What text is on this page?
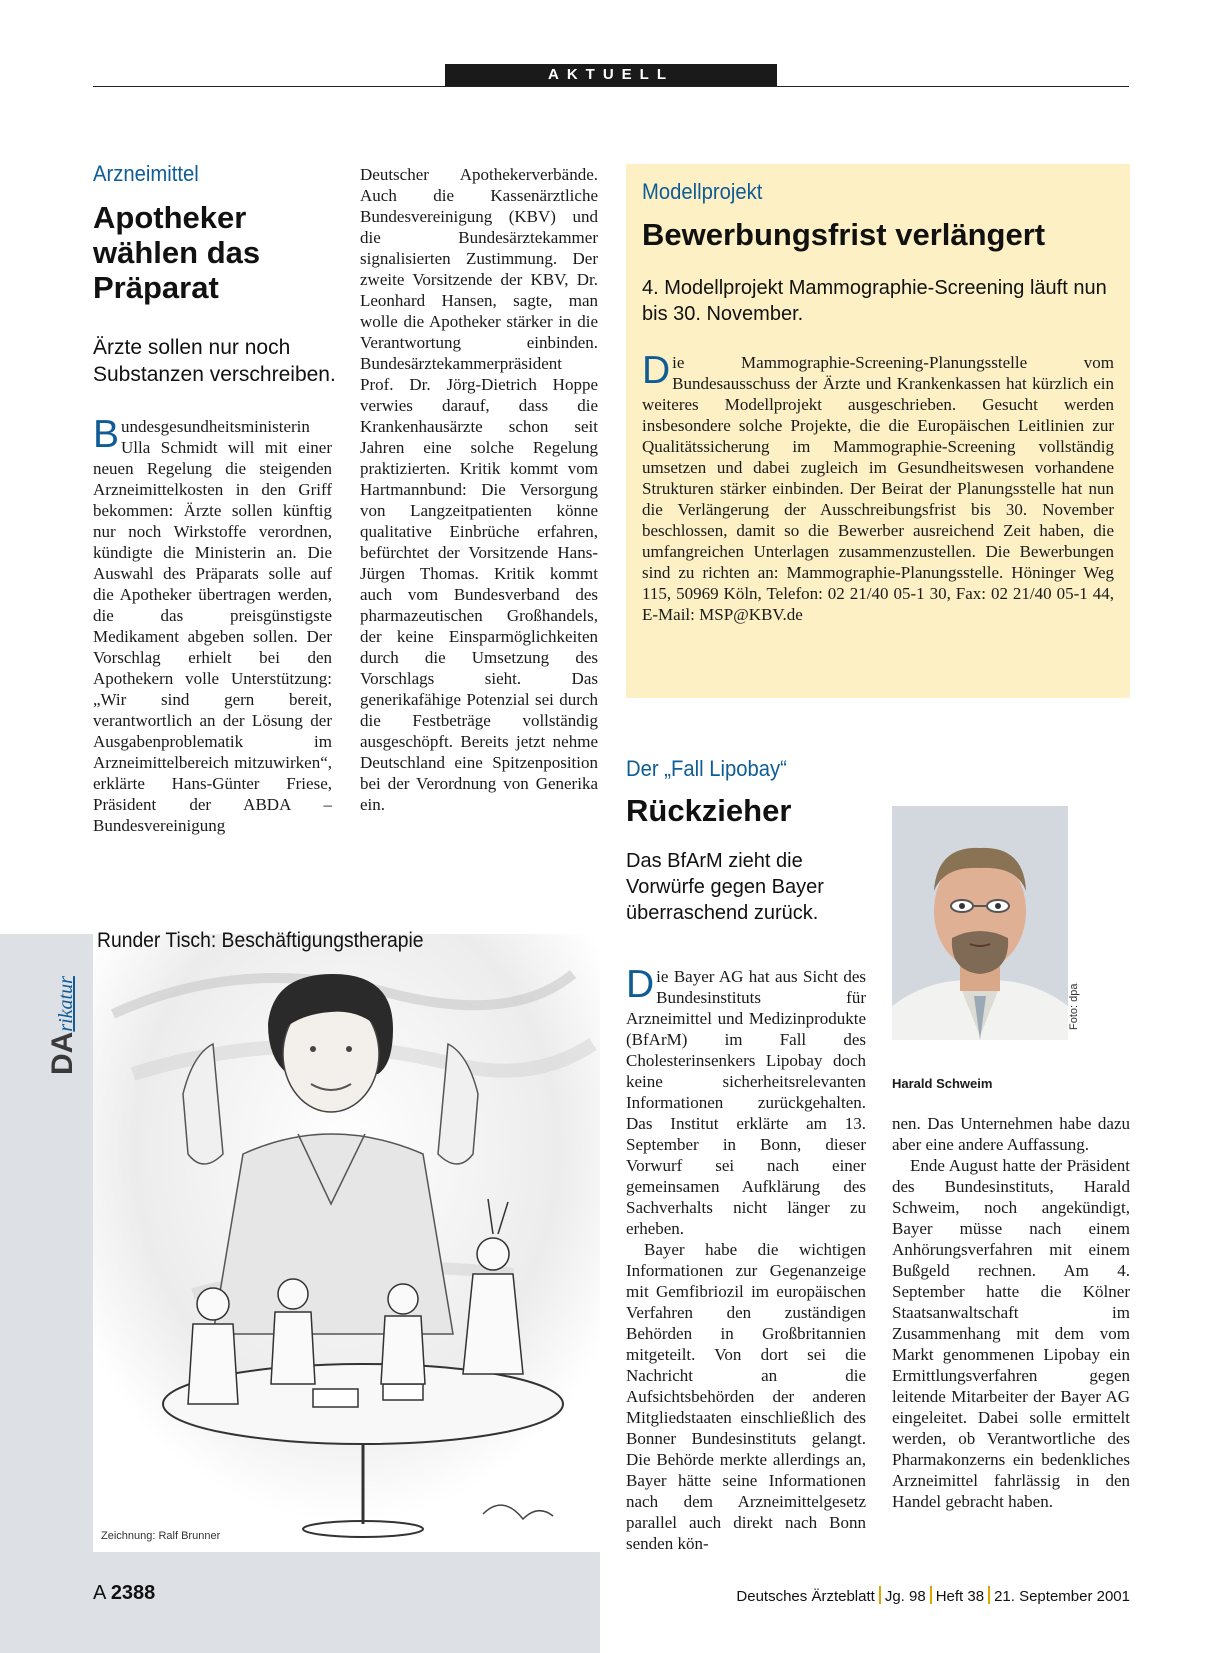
AKTUELL
Arzneimittel
Apotheker wählen das Präparat
Ärzte sollen nur noch Substanzen verschreiben.
Bundesgesundheitsministerin Ulla Schmidt will mit einer neuen Regelung die steigenden Arzneimittelkosten in den Griff bekommen: Ärzte sollen künftig nur noch Wirkstoffe verordnen, kündigte die Ministerin an. Die Auswahl des Präparats solle auf die Apotheker übertragen werden, die das preisgünstigste Medikament abgeben sollen. Der Vorschlag erhielt bei den Apothekern volle Unterstützung: „Wir sind gern bereit, verantwortlich an der Lösung der Ausgabenproblematik im Arzneimittelbereich mitzuwirken“, erklärte Hans-Günter Friese, Präsident der ABDA – Bundesvereinigung
Deutscher Apothekerverbände. Auch die Kassenärztliche Bundesvereinigung (KBV) und die Bundesärztekammer signalisierten Zustimmung. Der zweite Vorsitzende der KBV, Dr. Leonhard Hansen, sagte, man wolle die Apotheker stärker in die Verantwortung einbinden. Bundesärztekammerpräsident Prof. Dr. Jörg-Dietrich Hoppe verwies darauf, dass die Krankenhausärzte schon seit Jahren eine solche Regelung praktizierten. Kritik kommt vom Hartmannbund: Die Versorgung von Langzeitpatienten könne qualitative Einbrüche erfahren, befürchtet der Vorsitzende Hans-Jürgen Thomas. Kritik kommt auch vom Bundesverband des pharmazeutischen Großhandels, der keine Einsparmöglichkeiten durch die Umsetzung des Vorschlags sieht. Das generikafähige Potenzial sei durch die Festbeträge vollständig ausgeschöpft. Bereits jetzt nehme Deutschland eine Spitzenposition bei der Verordnung von Generika ein.
Modellprojekt
Bewerbungsfrist verlängert
4. Modellprojekt Mammographie-Screening läuft nun bis 30. November.
Die Mammographie-Screening-Planungsstelle vom Bundesausschuss der Ärzte und Krankenkassen hat kürzlich ein weiteres Modellprojekt ausgeschrieben. Gesucht werden insbesondere solche Projekte, die die Europäischen Leitlinien zur Qualitätssicherung im Mammographie-Screening vollständig umsetzen und dabei zugleich im Gesundheitswesen vorhandene Strukturen stärker einbinden. Der Beirat der Planungsstelle hat nun die Verlängerung der Ausschreibungsfrist bis 30. November beschlossen, damit so die Bewerber ausreichend Zeit haben, die umfangreichen Unterlagen zusammenzustellen. Die Bewerbungen sind zu richten an: Mammographie-Planungsstelle. Höninger Weg 115, 50969 Köln, Telefon: 02 21/40 05-1 30, Fax: 02 21/40 05-1 44, E-Mail: MSP@KBV.de
Der „Fall Lipobay“
Rückzieher
Das BfArM zieht die Vorwürfe gegen Bayer überraschend zurück.

Die Bayer AG hat aus Sicht des Bundesinstituts für Arzneimittel und Medizinprodukte (BfArM) im Fall des Cholesterinsenkers Lipobay doch keine sicherheitsrelevanten Informationen zurückgehalten. Das Institut erklärte am 13. September in Bonn, dieser Vorwurf sei nach einer gemeinsamen Aufklärung des Sachverhalts nicht länger zu erheben.

Bayer habe die wichtigen Informationen zur Gegenanzeige mit Gemfibriozil im europäischen Verfahren den zuständigen Behörden in Großbritannien mitgeteilt. Von dort sei die Nachricht an die Aufsichtsbehörden der anderen Mitgliedstaaten einschließlich des Bonner Bundesinstituts gelangt. Die Behörde merkte allerdings an, Bayer hätte seine Informationen nach dem Arzneimittelgesetz parallel auch direkt nach Bonn senden kön-

nen. Das Unternehmen habe dazu aber eine andere Auffassung.

Ende August hatte der Präsident des Bundesinstituts, Harald Schweim, noch angekündigt, Bayer müsse nach einem Anhörungsverfahren mit einem Bußgeld rechnen. Am 4. September hatte die Kölner Staatsanwaltschaft im Zusammenhang mit dem vom Markt genommenen Lipobay ein Ermittlungsverfahren gegen leitende Mitarbeiter der Bayer AG eingeleitet. Dabei solle ermittelt werden, ob Verantwortliche des Pharmakonzerns ein bedenkliches Arzneimittel fahrlässig in den Handel gebracht haben.

Foto: dpa
Harald Schweim
DArikatur
Runder Tisch: Beschäftigungstherapie
Zeichnung: Ralf Brunner
A 2388	Deutsches Ärzteblatt Jg. 98 Heft 38 21. September 2001
